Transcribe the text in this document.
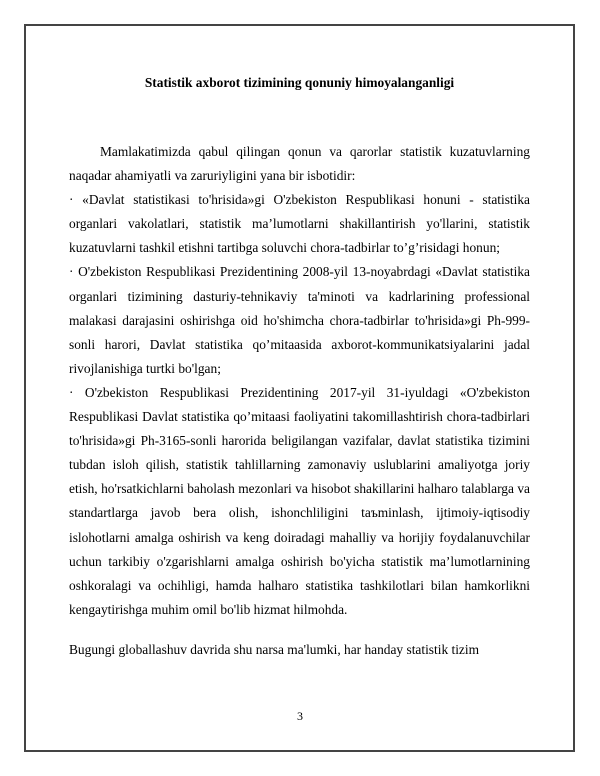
Statistik axborot tizimining qonuniy himoyalanganligi

Mamlakatimizda qabul qilingan qonun va qarorlar statistik kuzatuvlarning naqadar ahamiyatli va zaruriyligini yana bir isbotidir:

· «Davlat statistikasi to'hrisida»gi O'zbekiston Respublikasi honuni - statistika organlari vakolatlari, statistik ma’lumotlarni shakillantirish yo'llarini, statistik kuzatuvlarni tashkil etishni tartibga soluvchi chora-tadbirlar to’g’risidagi honun;

· O'zbekiston Respublikasi Prezidentining 2008-yil 13-noyabrdagi «Davlat statistika organlari tizimining dasturiy-tehnikaviy ta'minoti va kadrlarining professional malakasi darajasini oshirishga oid ho'shimcha chora-tadbirlar to'hrisida»gi Ph-999-sonli harori, Davlat statistika qo’mitaasida axborot-kommunikatsiyalarini jadal rivojlanishiga turtki bo'lgan;

· O'zbekiston Respublikasi Prezidentining 2017-yil 31-iyuldagi «O'zbekiston Respublikasi Davlat statistika qo’mitaasi faoliyatini takomillashtirish chora-tadbirlari to'hrisida»gi Ph-3165-sonli harorida beligilangan vazifalar, davlat statistika tizimini tubdan isloh qilish, statistik tahlillarning zamonaviy uslublarini amaliyotga joriy etish, ho'rsatkichlarni baholash mezonlari va hisobot shakillarini halharo talablarga va standartlarga javob bera olish, ishonchliligini taъminlash, ijtimoiy-iqtisodiy islohotlarni amalga oshirish va keng doiradagi mahalliy va horijiy foydalanuvchilar uchun tarkibiy o'zgarishlarni amalga oshirish bo'yicha statistik ma’lumotlarnining oshkoralagi va ochihligi, hamda halharo statistika tashkilotlari bilan hamkorlikni kengaytirishga muhim omil bo'lib hizmat hilmohda.

Bugungi globallashuv davrida shu narsa ma'lumki, har handay statistik tizim

3
